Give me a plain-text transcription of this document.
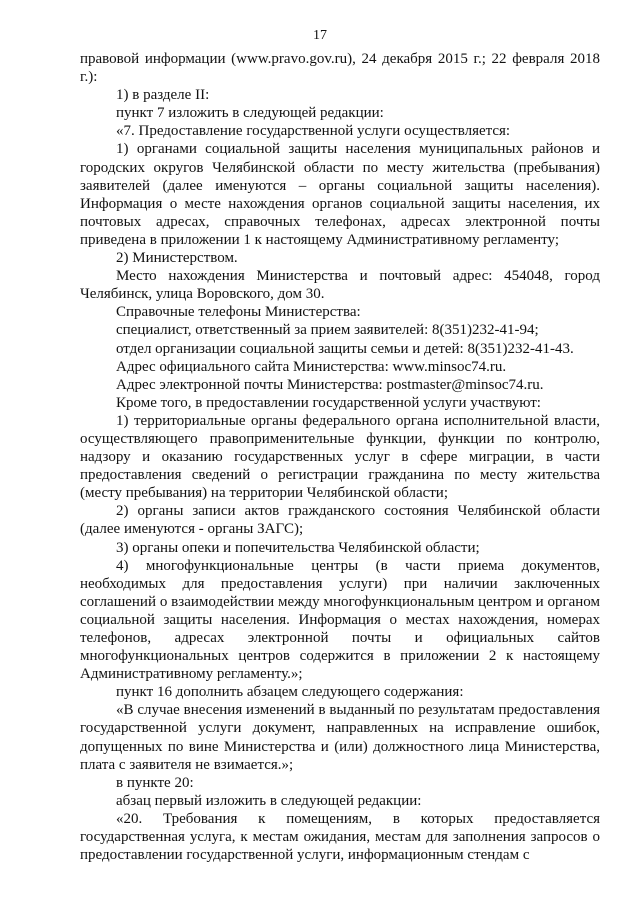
17

правовой информации (www.pravo.gov.ru), 24 декабря 2015 г.; 22 февраля 2018 г.):

1) в разделе II:

пункт 7 изложить в следующей редакции:

«7. Предоставление государственной услуги осуществляется:

1) органами социальной защиты населения муниципальных районов и городских округов Челябинской области по месту жительства (пребывания) заявителей (далее именуются – органы социальной защиты населения). Информация о месте нахождения органов социальной защиты населения, их почтовых адресах, справочных телефонах, адресах электронной почты приведена в приложении 1 к настоящему Административному регламенту;

2) Министерством.

Место нахождения Министерства и почтовый адрес: 454048, город Челябинск, улица Воровского, дом 30.

Справочные телефоны Министерства:

специалист, ответственный за прием заявителей: 8(351)232-41-94;

отдел организации социальной защиты семьи и детей: 8(351)232-41-43.

Адрес официального сайта Министерства: www.minsoc74.ru.

Адрес электронной почты Министерства: postmaster@minsoc74.ru.

Кроме того, в предоставлении государственной услуги участвуют:

1) территориальные органы федерального органа исполнительной власти, осуществляющего правоприменительные функции, функции по контролю, надзору и оказанию государственных услуг в сфере миграции, в части предоставления сведений о регистрации гражданина по месту жительства (месту пребывания) на территории Челябинской области;

2) органы записи актов гражданского состояния Челябинской области (далее именуются - органы ЗАГС);

3) органы опеки и попечительства Челябинской области;

4) многофункциональные центры (в части приема документов, необходимых для предоставления услуги) при наличии заключенных соглашений о взаимодействии между многофункциональным центром и органом социальной защиты населения. Информация о местах нахождения, номерах телефонов, адресах электронной почты и официальных сайтов многофункциональных центров содержится в приложении 2 к настоящему Административному регламенту.»;

пункт 16 дополнить абзацем следующего содержания:

«В случае внесения изменений в выданный по результатам предоставления государственной услуги документ, направленных на исправление ошибок, допущенных по вине Министерства и (или) должностного лица Министерства, плата с заявителя не взимается.»;

в пункте 20:

абзац первый изложить в следующей редакции:

«20. Требования к помещениям, в которых предоставляется государственная услуга, к местам ожидания, местам для заполнения запросов о предоставлении государственной услуги, информационным стендам с
